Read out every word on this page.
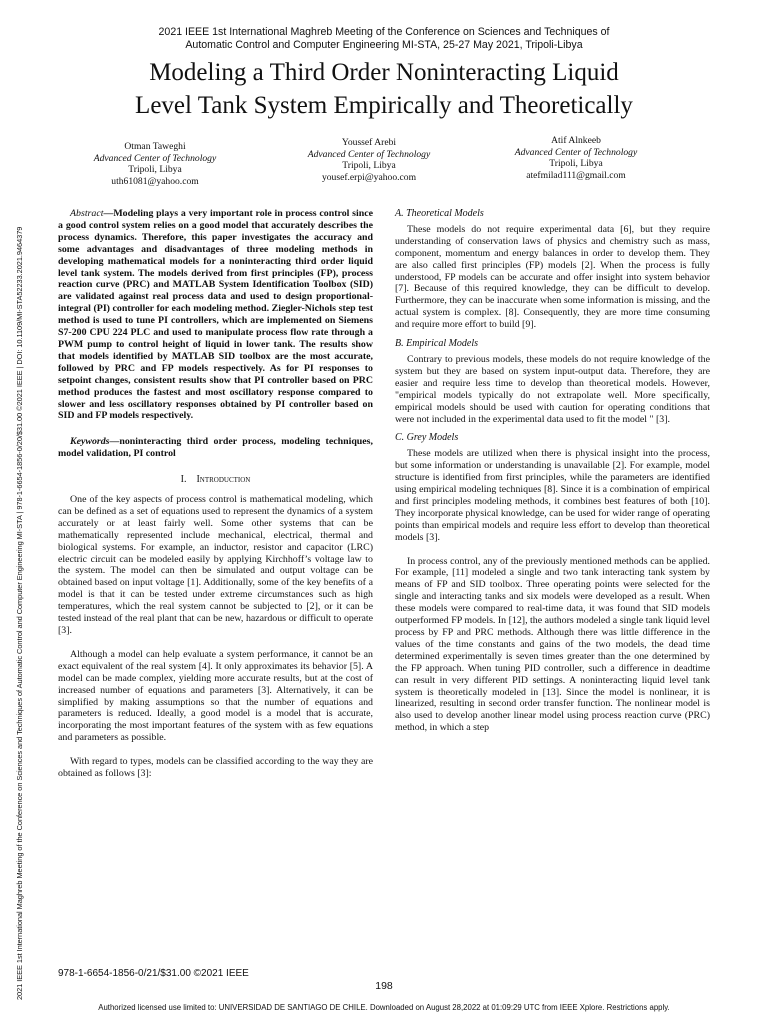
2021 IEEE 1st International Maghreb Meeting of the Conference on Sciences and Techniques of Automatic Control and Computer Engineering MI-STA | 978-1-6654-1856-0/20/$31.00 ©2021 IEEE | DOI: 10.1109/MI-STA52233.2021.9464379
2021 IEEE 1st International Maghreb Meeting of the Conference on Sciences and Techniques of
Automatic Control and Computer Engineering MI-STA, 25-27 May 2021, Tripoli-Libya
Modeling a Third Order Noninteracting Liquid
Level Tank System Empirically and Theoretically
Otman Taweghi
Advanced Center of Technology
Tripoli, Libya
uth61081@yahoo.com
Youssef Arebi
Advanced Center of Technology
Tripoli, Libya
yousef.erpi@yahoo.com
Atif Alnkeeb
Advanced Center of Technology
Tripoli, Libya
atefmilad111@gmail.com

Abstract—Modeling plays a very important role in process control since a good control system relies on a good model that accurately describes the process dynamics. Therefore, this paper investigates the accuracy and some advantages and disadvantages of three modeling methods in developing mathematical models for a noninteracting third order liquid level tank system. The models derived from first principles (FP), process reaction curve (PRC) and MATLAB System Identification Toolbox (SID) are validated against real process data and used to design proportional-integral (PI) controller for each modeling method. Ziegler-Nichols step test method is used to tune PI controllers, which are implemented on Siemens S7-200 CPU 224 PLC and used to manipulate process flow rate through a PWM pump to control height of liquid in lower tank. The results show that models identified by MATLAB SID toolbox are the most accurate, followed by PRC and FP models respectively. As for PI responses to setpoint changes, consistent results show that PI controller based on PRC method produces the fastest and most oscillatory response compared to slower and less oscillatory responses obtained by PI controller based on SID and FP models respectively.

Keywords—noninteracting third order process, modeling techniques, model validation, PI control

I. Introduction

One of the key aspects of process control is mathematical modeling, which can be defined as a set of equations used to represent the dynamics of a system accurately or at least fairly well. Some other systems that can be mathematically represented include mechanical, electrical, thermal and biological systems. For example, an inductor, resistor and capacitor (LRC) electric circuit can be modeled easily by applying Kirchhoff’s voltage law to the system. The model can then be simulated and output voltage can be obtained based on input voltage [1]. Additionally, some of the key benefits of a model is that it can be tested under extreme circumstances such as high temperatures, which the real system cannot be subjected to [2], or it can be tested instead of the real plant that can be new, hazardous or difficult to operate [3].

Although a model can help evaluate a system performance, it cannot be an exact equivalent of the real system [4]. It only approximates its behavior [5]. A model can be made complex, yielding more accurate results, but at the cost of increased number of equations and parameters [3]. Alternatively, it can be simplified by making assumptions so that the number of equations and parameters is reduced. Ideally, a good model is a model that is accurate, incorporating the most important features of the system with as few equations and parameters as possible.

With regard to types, models can be classified according to the way they are obtained as follows [3]:

A. Theoretical Models

These models do not require experimental data [6], but they require understanding of conservation laws of physics and chemistry such as mass, component, momentum and energy balances in order to develop them. They are also called first principles (FP) models [2]. When the process is fully understood, FP models can be accurate and offer insight into system behavior [7]. Because of this required knowledge, they can be difficult to develop. Furthermore, they can be inaccurate when some information is missing, and the actual system is complex. [8]. Consequently, they are more time consuming and require more effort to build [9].

B. Empirical Models

Contrary to previous models, these models do not require knowledge of the system but they are based on system input-output data. Therefore, they are easier and require less time to develop than theoretical models. However, "empirical models typically do not extrapolate well. More specifically, empirical models should be used with caution for operating conditions that were not included in the experimental data used to fit the model " [3].

C. Grey Models

These models are utilized when there is physical insight into the process, but some information or understanding is unavailable [2]. For example, model structure is identified from first principles, while the parameters are identified using empirical modeling techniques [8]. Since it is a combination of empirical and first principles modeling methods, it combines best features of both [10]. They incorporate physical knowledge, can be used for wider range of operating points than empirical models and require less effort to develop than theoretical models [3].

In process control, any of the previously mentioned methods can be applied. For example, [11] modeled a single and two tank interacting tank system by means of FP and SID toolbox. Three operating points were selected for the single and interacting tanks and six models were developed as a result. When these models were compared to real-time data, it was found that SID models outperformed FP models. In [12], the authors modeled a single tank liquid level process by FP and PRC methods. Although there was little difference in the values of the time constants and gains of the two models, the dead time determined experimentally is seven times greater than the one determined by the FP approach. When tuning PID controller, such a difference in deadtime can result in very different PID settings. A noninteracting liquid level tank system is theoretically modeled in [13]. Since the model is nonlinear, it is linearized, resulting in second order transfer function. The nonlinear model is also used to develop another linear model using process reaction curve (PRC) method, in which a step

978-1-6654-1856-0/21/$31.00 ©2021 IEEE
198
Authorized licensed use limited to: UNIVERSIDAD DE SANTIAGO DE CHILE. Downloaded on August 28,2022 at 01:09:29 UTC from IEEE Xplore. Restrictions apply.
